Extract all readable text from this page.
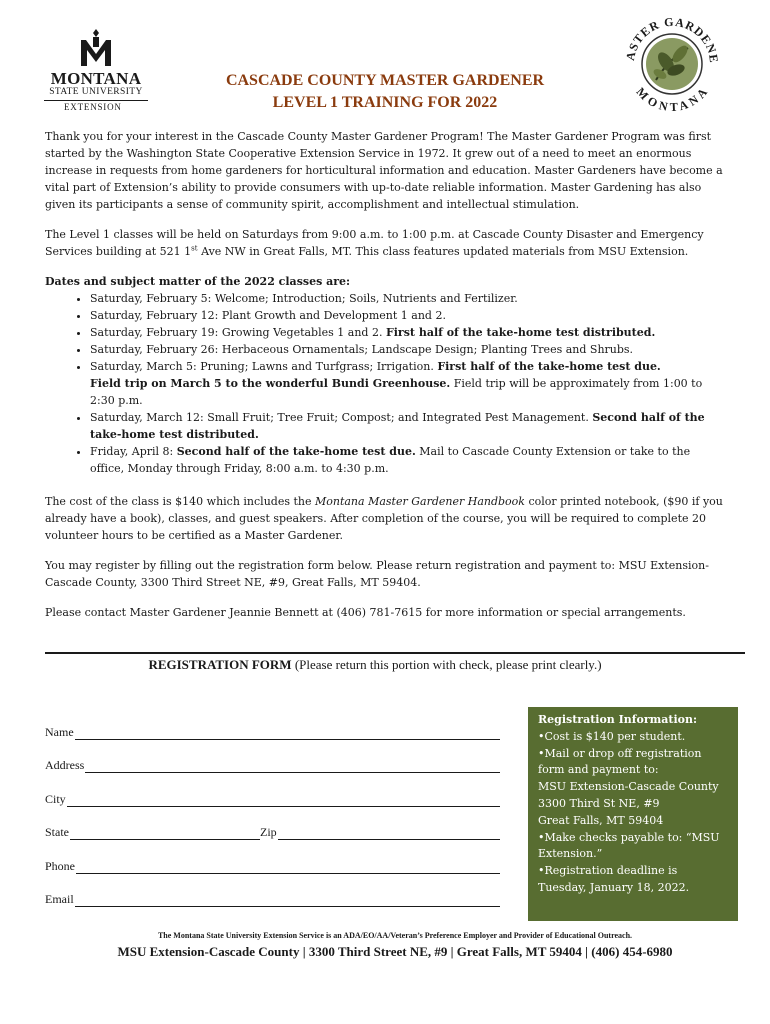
MONTANA
STATE UNIVERSITY
EXTENSION
ASTER GARDENE
MONTANA
CASCADE COUNTY MASTER GARDENER
LEVEL 1 TRAINING FOR 2022

Thank you for your interest in the Cascade County Master Gardener Program! The Master Gardener Program was first started by the Washington State Cooperative Extension Service in 1972. It grew out of a need to meet an enormous increase in requests from home gardeners for horticultural information and education. Master Gardeners have become a vital part of Extension’s ability to provide consumers with up-to-date reliable information. Master Gardening has also given its participants a sense of community spirit, accomplishment and intellectual stimulation.

The Level 1 classes will be held on Saturdays from 9:00 a.m. to 1:00 p.m. at Cascade County Disaster and Emergency Services building at 521 1st Ave NW in Great Falls, MT. This class features updated materials from MSU Extension.

Dates and subject matter of the 2022 classes are:
• Saturday, February 5: Welcome; Introduction; Soils, Nutrients and Fertilizer.
• Saturday, February 12: Plant Growth and Development 1 and 2.
• Saturday, February 19: Growing Vegetables 1 and 2. First half of the take-home test distributed.
• Saturday, February 26: Herbaceous Ornamentals; Landscape Design; Planting Trees and Shrubs.
• Saturday, March 5: Pruning; Lawns and Turfgrass; Irrigation. First half of the take-home test due.
Field trip on March 5 to the wonderful Bundi Greenhouse. Field trip will be approximately from 1:00 to 2:30 p.m.
• Saturday, March 12: Small Fruit; Tree Fruit; Compost; and Integrated Pest Management. Second half of the take-home test distributed.
• Friday, April 8: Second half of the take-home test due. Mail to Cascade County Extension or take to the office, Monday through Friday, 8:00 a.m. to 4:30 p.m.

The cost of the class is $140 which includes the Montana Master Gardener Handbook color printed notebook, ($90 if you already have a book), classes, and guest speakers. After completion of the course, you will be required to complete 20 volunteer hours to be certified as a Master Gardener.

You may register by filling out the registration form below. Please return registration and payment to: MSU Extension-Cascade County, 3300 Third Street NE, #9, Great Falls, MT 59404.

Please contact Master Gardener Jeannie Bennett at (406) 781-7615 for more information or special arrangements.

REGISTRATION FORM (Please return this portion with check, please print clearly.)
Name
Address
City
State	Zip
Phone
Email
Registration Information:
•Cost is $140 per student.
•Mail or drop off registration form and payment to:
MSU Extension-Cascade County
3300 Third St NE, #9
Great Falls, MT 59404
•Make checks payable to: “MSU Extension.”
•Registration deadline is Tuesday, January 18, 2022.
The Montana State University Extension Service is an ADA/EO/AA/Veteran’s Preference Employer and Provider of Educational Outreach.
MSU Extension-Cascade County | 3300 Third Street NE, #9 | Great Falls, MT 59404 | (406) 454-6980
